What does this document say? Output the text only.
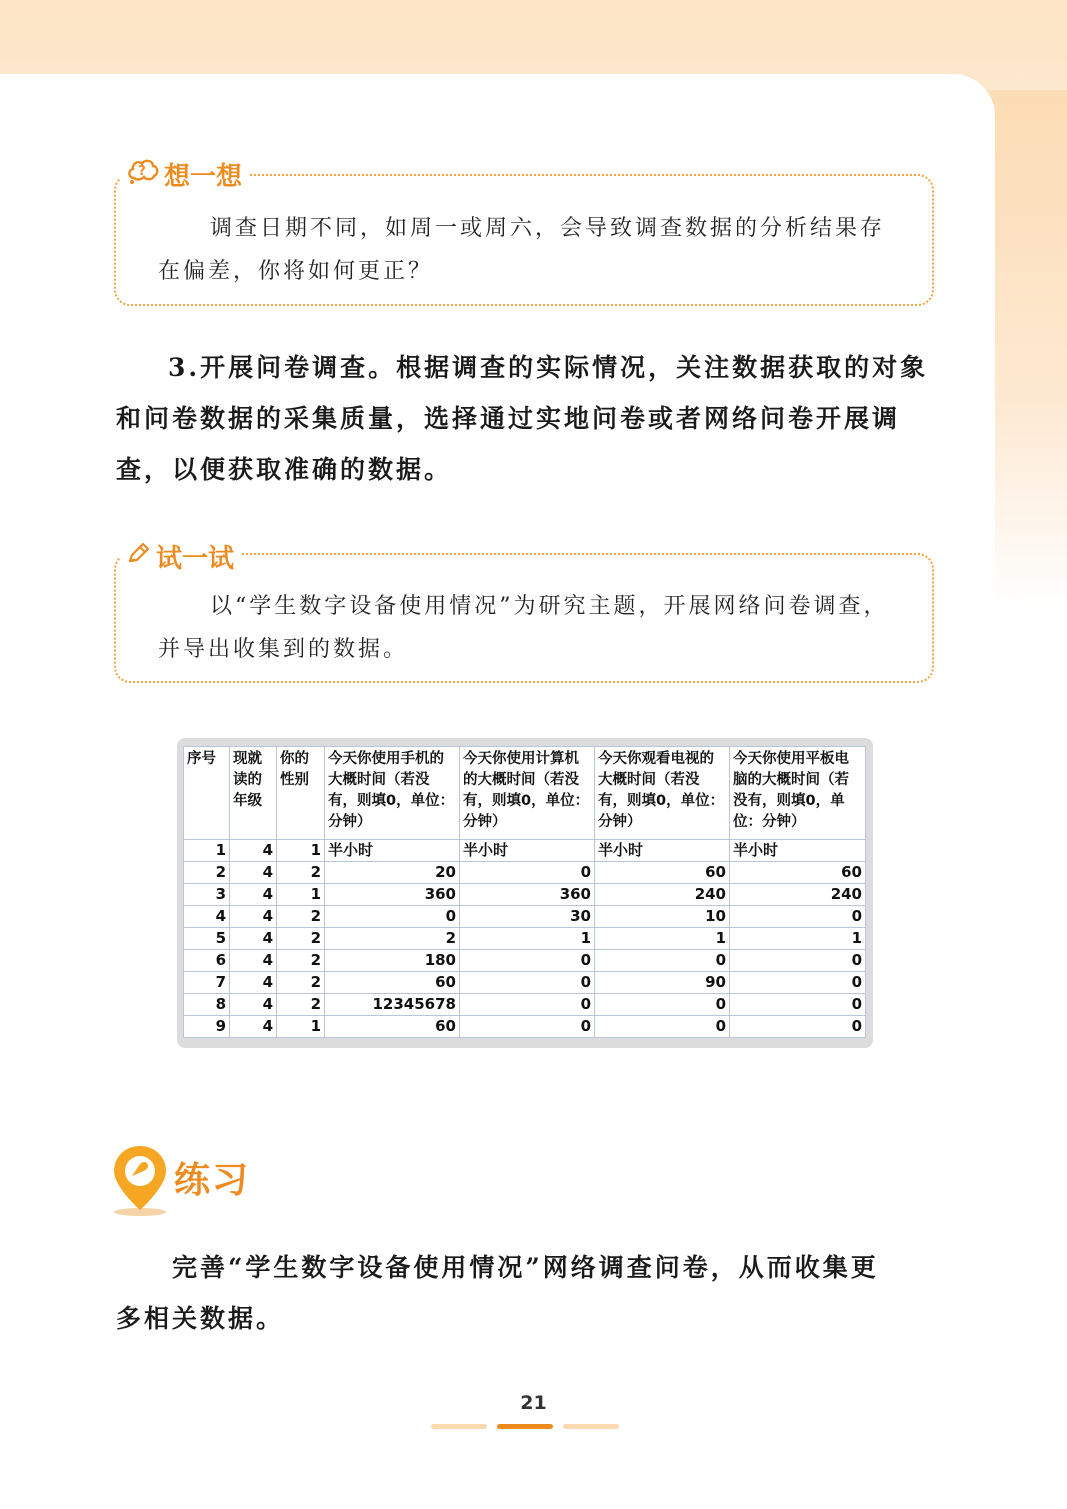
? 想一想
调查日期不同，如周一或周六，会导致调查数据的分析结果存
在偏差，你将如何更正？
3.开展问卷调查。根据调查的实际情况，关注数据获取的对象
和问卷数据的采集质量，选择通过实地问卷或者网络问卷开展调
查，以便获取准确的数据。
试一试
以“学生数字设备使用情况”为研究主题，开展网络问卷调查，
并导出收集到的数据。
序号	现就读的年级	你的性别	今天你使用手机的大概时间（若没有，则填0，单位：分钟）	今天你使用计算机的大概时间（若没有，则填0，单位：分钟）	今天你观看电视的大概时间（若没有，则填0，单位：分钟）	今天你使用平板电脑的大概时间（若没有，则填0，单位：分钟）
1	4	1	半小时	半小时	半小时	半小时
2	4	2	20	0	60	60
3	4	1	360	360	240	240
4	4	2	0	30	10	0
5	4	2	2	1	1	1
6	4	2	180	0	0	0
7	4	2	60	0	90	0
8	4	2	12345678	0	0	0
9	4	1	60	0	0	0
练习
完善“学生数字设备使用情况”网络调查问卷，从而收集更
多相关数据。
21
